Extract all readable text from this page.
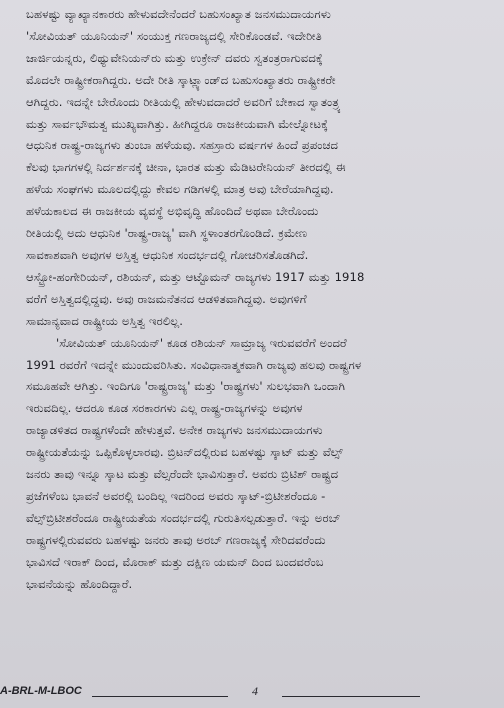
ಬಹಳಷ್ಟು ವ್ಯಾಖ್ಯಾನಕಾರರು ಹೇಳುವದೇನೆಂದರೆ ಬಹುಸಂಖ್ಯಾತ ಜನಸಮುದಾಯಗಳು
'ಸೋವಿಯತ್ ಯೂನಿಯನ್' ಸಂಯುಕ್ತ ಗಣರಾಜ್ಯದಲ್ಲಿ ಸೇರಿಕೊಂಡವೆ. ಇದೇರೀತಿ
ಜಾರ್ಜಿಯನ್ನರು, ಲಿಥ್ಯುವೇನಿಯನ್‌ರು ಮತ್ತು ಉಕ್ರೇನ್ ದವರು ಸ್ವತಂತ್ರರಾಗುವದಕ್ಕೆ
ಮೊದಲೇ ರಾಷ್ಟ್ರೀಕರಾಗಿದ್ದರು. ಅದೇ ರೀತಿ ಸ್ಕಾಟ್ಲ್ಯಾಂಡ್‌ದ ಬಹುಸಂಖ್ಯಾತರು ರಾಷ್ಟ್ರೀಕರೇ
ಆಗಿದ್ದರು. ಇದನ್ನೇ ಬೇರೊಂದು ರೀತಿಯಲ್ಲಿ ಹೇಳುವದಾದರೆ ಅವರಿಗೆ ಬೇಕಾದ ಸ್ವಾತಂತ್ರ್ಯ
ಮತ್ತು ಸಾರ್ವಭೌಮತ್ವ ಮುಖ್ಯವಾಗಿತ್ತು. ಹೀಗಿದ್ದರೂ ರಾಜಕೀಯವಾಗಿ ಮೇಲ್ನೋಟಕ್ಕೆ
ಆಧುನಿಕ ರಾಷ್ಟ್ರ-ರಾಜ್ಯಗಳು ತುಂಬಾ ಹಳೆಯವು. ಸಹಸ್ರಾರು ವರ್ಷಗಳ ಹಿಂದೆ ಪ್ರಪಂಚದ
ಕೆಲವು ಭಾಗಗಳಲ್ಲಿ ನಿರ್ದರ್ಶನಕ್ಕೆ ಚೀನಾ, ಭಾರತ ಮತ್ತು ಮೆಡಿಟರೇನಿಯನ್ ತೀರದಲ್ಲಿ ಈ
ಹಳೆಯ ಸಂಘಗಳು ಮೂಲದಲ್ಲಿದ್ದು ಕೇವಲ ಗಡಿಗಳಲ್ಲಿ ಮಾತ್ರ ಅವು ಬೇರೆಯಾಗಿದ್ದವು.
ಹಳೆಯಕಾಲದ ಈ ರಾಜಕೀಯ ವ್ಯವಸ್ಥೆ ಅಭಿವೃದ್ಧಿ ಹೊಂದಿದೆ ಅಥವಾ ಬೇರೊಂದು
ರೀತಿಯಲ್ಲಿ ಅದು ಆಧುನಿಕ 'ರಾಷ್ಟ್ರ-ರಾಜ್ಯ' ವಾಗಿ ಸ್ಥಳಾಂತರಗೊಂಡಿದೆ. ಕ್ರಮೇಣ
ಸಾವಕಾಶವಾಗಿ ಅವುಗಳ ಅಸ್ತಿತ್ವ ಆಧುನಿಕ ಸಂದರ್ಭದಲ್ಲಿ ಗೋಚರಿಸತೊಡಗಿದೆ.
ಆಸ್ಟ್ರೋ-ಹಂಗೇರಿಯನ್, ರಶಿಯನ್, ಮತ್ತು ಆಟ್ಟೊಮನ್ ರಾಜ್ಯಗಳು 1917 ಮತ್ತು 1918
ವರೆಗೆ ಅಸ್ತಿತ್ವದಲ್ಲಿದ್ದವು. ಅವು ರಾಜಮನೆತನದ ಆಡಳಿತವಾಗಿದ್ದವು. ಅವುಗಳಿಗೆ
ಸಾಮಾನ್ಯವಾದ ರಾಷ್ಟ್ರೀಯ ಅಸ್ತಿತ್ವ ಇರಲಿಲ್ಲ.
'ಸೋವಿಯತ್ ಯೂನಿಯನ್' ಕೂಡ ರಶಿಯನ್ ಸಾಮ್ರಾಜ್ಯ ಇರುವವರೆಗೆ ಅಂದರೆ
1991 ರವರೆಗೆ ಇದನ್ನೇ ಮುಂದುವರಿಸಿತು. ಸಂವಿಧಾನಾತ್ಮಕವಾಗಿ ರಾಜ್ಯವು ಹಲವು ರಾಷ್ಟ್ರಗಳ
ಸಮೂಹವೇ ಆಗಿತ್ತು. ಇಂದಿಗೂ 'ರಾಷ್ಟ್ರರಾಜ್ಯ' ಮತ್ತು 'ರಾಷ್ಟ್ರಗಳು' ಸುಲಭವಾಗಿ ಒಂದಾಗಿ
ಇರುವದಿಲ್ಲ. ಆದರೂ ಕೂಡ ಸರಕಾರಗಳು ಎಲ್ಲ ರಾಷ್ಟ್ರ-ರಾಜ್ಯಗಳನ್ನು ಅವುಗಳ
ರಾಜ್ಯಾಡಳಿತದ ರಾಷ್ಟ್ರಗಳೆಂದೇ ಹೇಳುತ್ತವೆ. ಅನೇಕ ರಾಜ್ಯಗಳು ಜನಸಮುದಾಯಗಳು
ರಾಷ್ಟ್ರೀಯತೆಯನ್ನು ಒಪ್ಪಿಕೊಳ್ಳಲಾರವು. ಬ್ರಿಟನ್‌ದಲ್ಲಿರುವ ಬಹಳಷ್ಟು ಸ್ಕಾಟ್ ಮತ್ತು ವೆಲ್ಸ್
ಜನರು ತಾವು ಇನ್ನೂ ಸ್ಕಾಟ ಮತ್ತು ವೆಲ್ಸರೆಂದೇ ಭಾವಿಸುತ್ತಾರೆ. ಅವರು ಬ್ರಿಟಿಶ್ ರಾಷ್ಟ್ರದ
ಪ್ರಜೆಗಳೆಂಬ ಭಾವನೆ ಅವರಲ್ಲಿ ಬಂದಿಲ್ಲ ಇದರಿಂದ ಅವರು ಸ್ಕಾಟ್-ಬ್ರಿಟೀಶರೆಂದೂ -
ವೆಲ್ಸ್‌ಬ್ರಿಟೀಶರೆಂದೂ ರಾಷ್ಟ್ರೀಯತೆಯ ಸಂದರ್ಭದಲ್ಲಿ ಗುರುತಿಸಲ್ಪಡುತ್ತಾರೆ. ಇನ್ನು ಅರಬ್
ರಾಷ್ಟ್ರಗಳಲ್ಲಿರುವವರು ಬಹಳಷ್ಟು ಜನರು ತಾವು ಅರಬ್ ಗಣರಾಜ್ಯಕ್ಕೆ ಸೇರಿದವರೆಂದು
ಭಾವಿಸದೆ ಇರಾಕ್ ದಿಂದ, ಮೊರಾಕ್ ಮತ್ತು ದಕ್ಷಿಣ ಯಮನ್ ದಿಂದ ಬಂದವರೆಂಬ
ಭಾವನೆಯನ್ನು ಹೊಂದಿದ್ದಾರೆ.
A-BRL-M-LBOC	4
